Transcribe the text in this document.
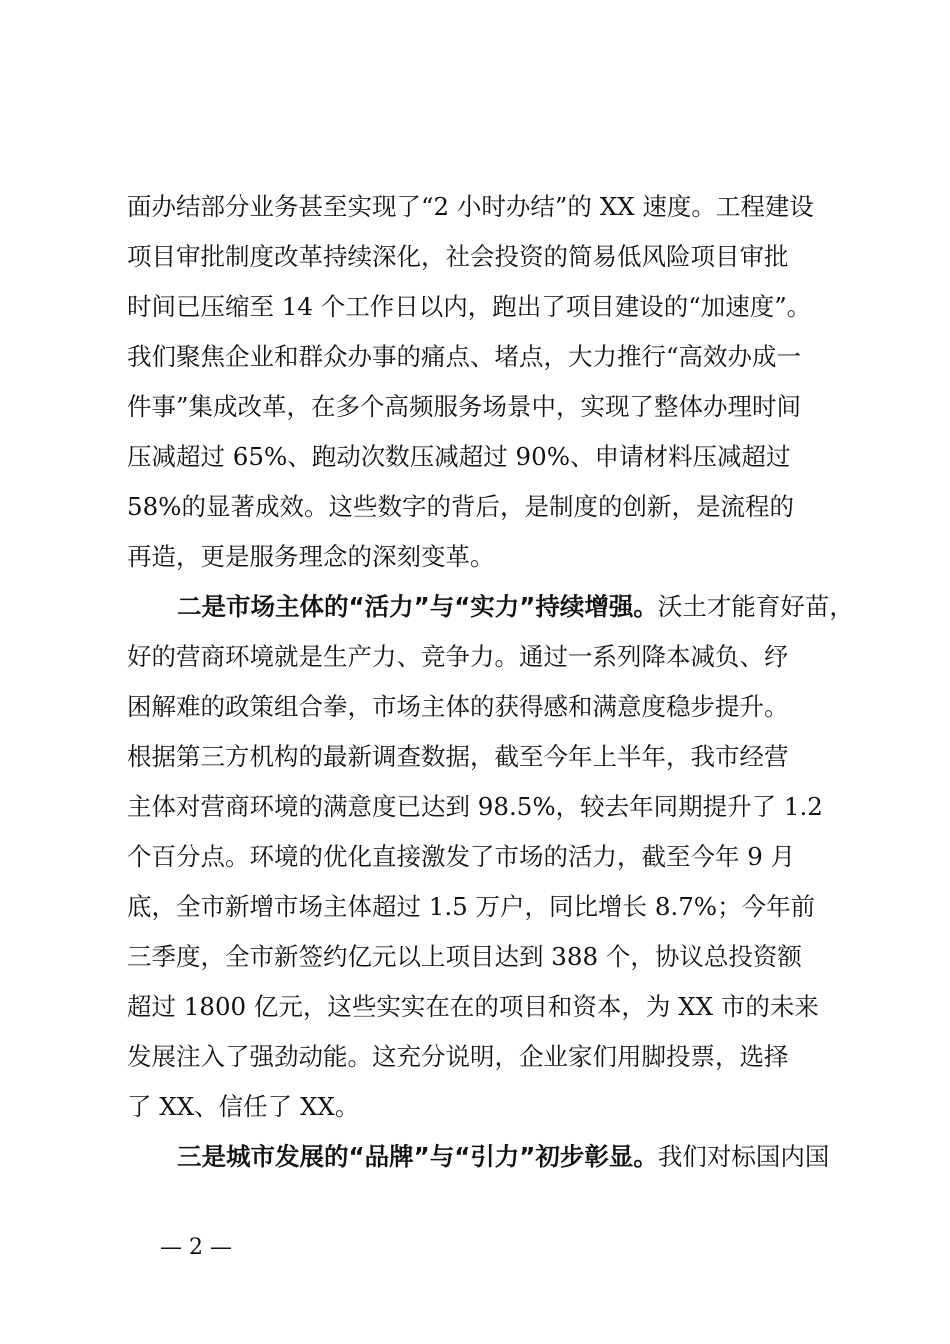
面办结部分业务甚至实现了“2 小时办结”的 XX 速度。工程建设
项目审批制度改革持续深化，社会投资的简易低风险项目审批
时间已压缩至 14 个工作日以内，跑出了项目建设的“加速度”。
我们聚焦企业和群众办事的痛点、堵点，大力推行“高效办成一
件事”集成改革，在多个高频服务场景中，实现了整体办理时间
压减超过 65%、跑动次数压减超过 90%、申请材料压减超过
58%的显著成效。这些数字的背后，是制度的创新，是流程的
再造，更是服务理念的深刻变革。
二是市场主体的“活力”与“实力”持续增强。沃土才能育好苗，
好的营商环境就是生产力、竞争力。通过一系列降本减负、纾
困解难的政策组合拳，市场主体的获得感和满意度稳步提升。
根据第三方机构的最新调查数据，截至今年上半年，我市经营
主体对营商环境的满意度已达到 98.5%，较去年同期提升了 1.2
个百分点。环境的优化直接激发了市场的活力，截至今年 9 月
底，全市新增市场主体超过 1.5 万户，同比增长 8.7%；今年前
三季度，全市新签约亿元以上项目达到 388 个，协议总投资额
超过 1800 亿元，这些实实在在的项目和资本，为 XX 市的未来
发展注入了强劲动能。这充分说明，企业家们用脚投票，选择
了 XX、信任了 XX。
三是城市发展的“品牌”与“引力”初步彰显。我们对标国内国
— 2 —
